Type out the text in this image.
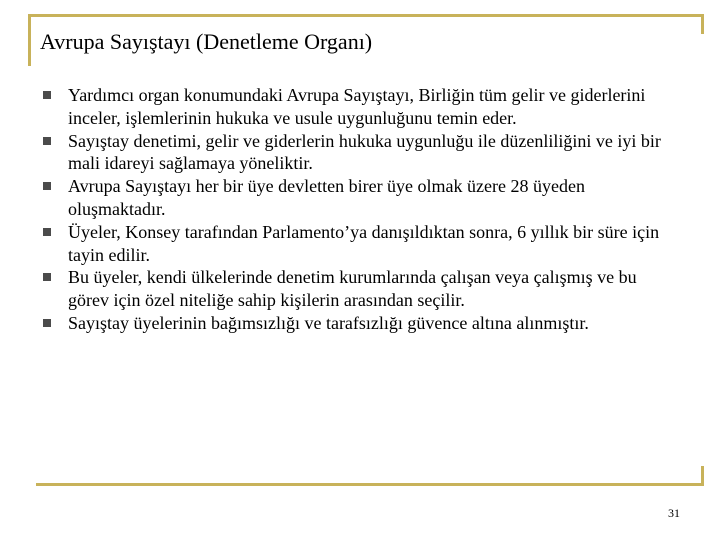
Avrupa Sayıştayı (Denetleme Organı)
Yardımcı organ konumundaki Avrupa Sayıştayı, Birliğin tüm gelir ve giderlerini inceler, işlemlerinin hukuka ve usule uygunluğunu temin eder.
Sayıştay denetimi, gelir ve giderlerin hukuka uygunluğu ile düzenliliğini ve iyi bir mali idareyi sağlamaya yöneliktir.
Avrupa Sayıştayı her bir üye devletten birer üye olmak üzere 28 üyeden oluşmaktadır.
Üyeler, Konsey tarafından Parlamento’ya danışıldıktan sonra, 6 yıllık bir süre için tayin edilir.
Bu üyeler, kendi ülkelerinde denetim kurumlarında çalışan veya çalışmış ve bu görev için özel niteliğe sahip kişilerin arasından seçilir.
Sayıştay üyelerinin bağımsızlığı ve tarafsızlığı güvence altına alınmıştır.
31
